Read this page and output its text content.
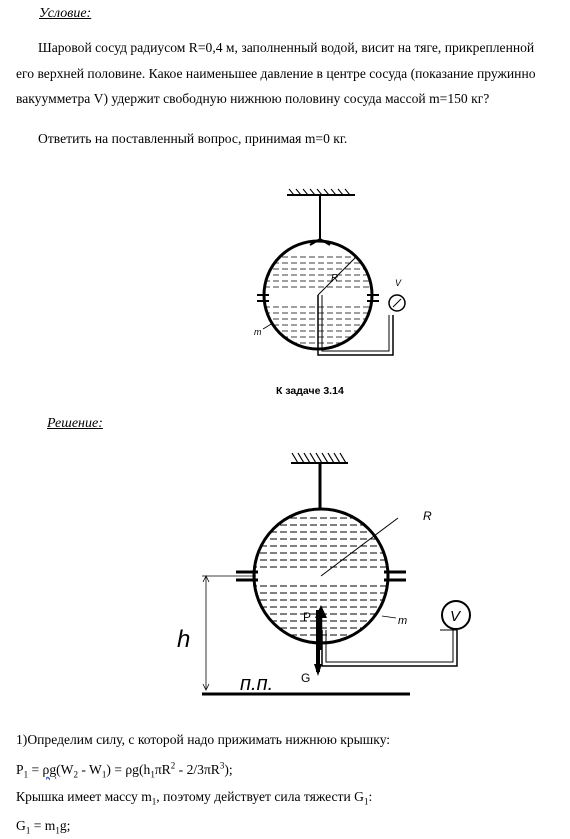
Условие:
Шаровой сосуд радиусом R=0,4 м, заполненный водой, висит на тяге, прикрепленной
его верхней половине. Какое наименьшее давление в центре сосуда (показание пружинно
вакуумметра V) удержит свободную нижнюю половину сосуда массой m=150 кг?
Ответить на поставленный вопрос, принимая m=0 кг.
R	V
m
К задаче 3.14
Решение:
R
h
V
P
G
m
п.п.
1)Определим силу, с которой надо прижимать нижнюю крышку:
$P_1 = \rho g(W_2 - W_1) = \rho g(h_1\pi R^2 - 2/3\pi R^3)$;
Крышка имеет массу $m_1$, поэтому действует сила тяжести $G_1$:
$G_1 = m_1g$;
